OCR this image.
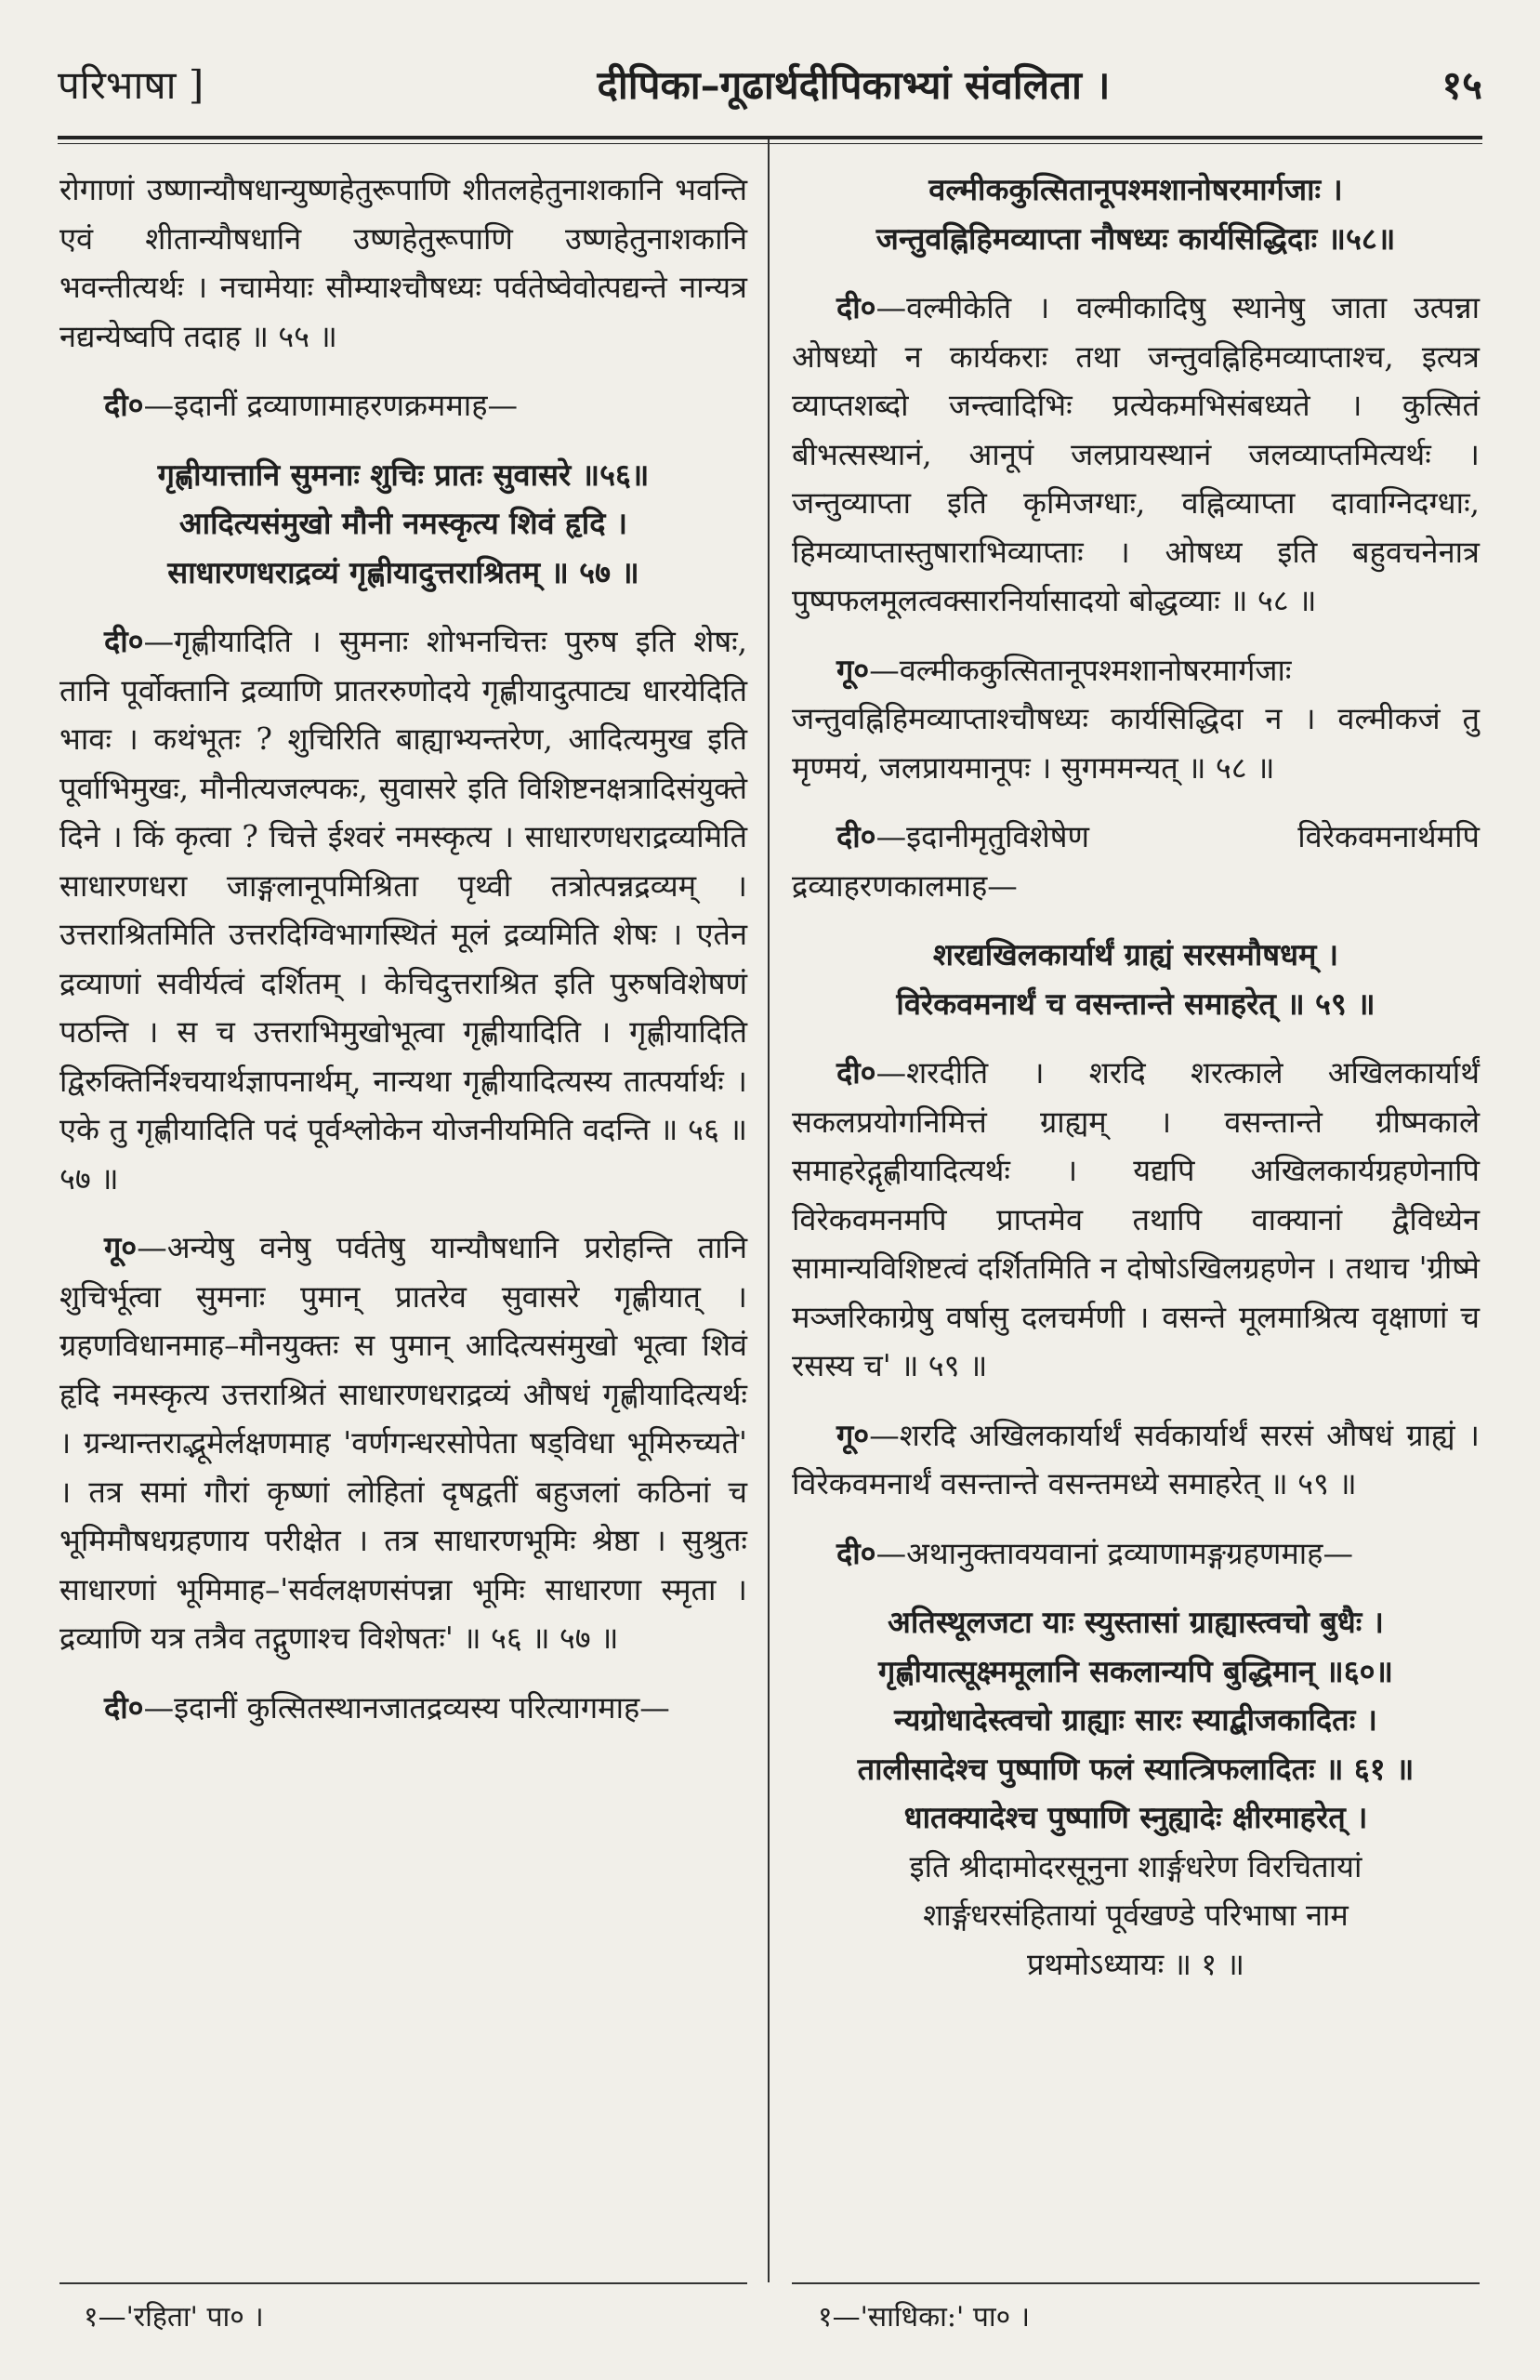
परिभाषा ]	दीपिका–गूढार्थदीपिकाभ्यां संवलिता ।	१५
रोगाणां उष्णान्यौषधान्युष्णहेतुरूपाणि शीतलहेतुनाशकानि भवन्ति एवं शीतान्यौषधानि उष्णहेतुरूपाणि उष्णहेतुनाशकानि भवन्तीत्यर्थः । नचामेयाः सौम्याश्चौषध्यः पर्वतेष्वेवोत्पद्यन्ते नान्यत्र नद्यन्येष्वपि तदाह ॥ ५५ ॥
दी०—इदानीं द्रव्याणामाहरणक्रममाह—
गृह्णीयात्तानि सुमनाः शुचिः प्रातः सुवासरे ॥५६॥
आदित्यसंमुखो मौनी नमस्कृत्य शिवं हृदि ।
साधारणधराद्रव्यं गृह्णीयादुत्तराश्रितम् ॥ ५७ ॥
दी०—गृह्णीयादिति । सुमनाः शोभनचित्तः पुरुष इति शेषः, तानि पूर्वोक्तानि द्रव्याणि प्रातररुणोदये गृह्णीयादुत्पाट्य धारयेदिति भावः । कथंभूतः ? शुचिरिति बाह्याभ्यन्तरेण, आदित्यमुख इति पूर्वाभिमुखः, मौनीत्यजल्पकः, सुवासरे इति विशिष्टनक्षत्रादिसंयुक्ते दिने । किं कृत्वा ? चित्ते ईश्वरं नमस्कृत्य । साधारणधराद्रव्यमिति साधारणधरा जाङ्गलानूपमिश्रिता पृथ्वी तत्रोत्पन्नद्रव्यम् । उत्तराश्रितमिति उत्तरदिग्विभागस्थितं मूलं द्रव्यमिति शेषः । एतेन द्रव्याणां सवीर्यत्वं दर्शितम् । केचिदुत्तराश्रित इति पुरुषविशेषणं पठन्ति । स च उत्तराभिमुखोभूत्वा गृह्णीयादिति । गृह्णीयादिति द्विरुक्तिर्निश्चयार्थज्ञापनार्थम्, नान्यथा गृह्णीयादित्यस्य तात्पर्यार्थः । एके तु गृह्णीयादिति पदं पूर्वश्लोकेन योजनीयमिति वदन्ति ॥ ५६ ॥ ५७ ॥
गू०—अन्येषु वनेषु पर्वतेषु यान्यौषधानि प्ररोहन्ति तानि शुचिर्भूत्वा सुमनाः पुमान् प्रातरेव सुवासरे गृह्णीयात् । ग्रहणविधानमाह–मौनयुक्तः स पुमान् आदित्यसंमुखो भूत्वा शिवं हृदि नमस्कृत्य उत्तराश्रितं साधारणधराद्रव्यं औषधं गृह्णीयादित्यर्थः । ग्रन्थान्तराद्भूमेर्लक्षणमाह 'वर्णगन्धरसोपेता षड्विधा भूमिरुच्यते' । तत्र समां गौरां कृष्णां लोहितां दृषद्वतीं बहुजलां कठिनां च भूमिमौषधग्रहणाय परीक्षेत । तत्र साधारणभूमिः श्रेष्ठा । सुश्रुतः साधारणां भूमिमाह–'सर्वलक्षणसंपन्ना भूमिः साधारणा स्मृता । द्रव्याणि यत्र तत्रैव तद्गुणाश्च विशेषतः' ॥ ५६ ॥ ५७ ॥
दी०—इदानीं कुत्सितस्थानजातद्रव्यस्य परित्यागमाह—
वल्मीककुत्सितानूपश्मशानोषरमार्गजाः ।
जन्तुवह्निहिमव्याप्ता नौषध्यः कार्यसिद्धिदाः ॥५८॥
दी०—वल्मीकेति । वल्मीकादिषु स्थानेषु जाता उत्पन्ना ओषध्यो न कार्यकराः तथा जन्तुवह्निहिमव्याप्ताश्च, इत्यत्र व्याप्तशब्दो जन्त्वादिभिः प्रत्येकमभिसंबध्यते । कुत्सितं बीभत्सस्थानं, आनूपं जलप्रायस्थानं जलव्याप्तमित्यर्थः । जन्तुव्याप्ता इति कृमिजग्धाः, वह्निव्याप्ता दावाग्निदग्धाः, हिमव्याप्तास्तुषाराभिव्याप्ताः । ओषध्य इति बहुवचनेनात्र पुष्पफलमूलत्वक्सारनिर्यासादयो बोद्धव्याः ॥ ५८ ॥
गू०—वल्मीककुत्सितानूपश्मशानोषरमार्गजाः जन्तुवह्निहिमव्याप्ताश्चौषध्यः कार्यसिद्धिदा न । वल्मीकजं तु मृण्मयं, जलप्रायमानूपः । सुगममन्यत् ॥ ५८ ॥
दी०—इदानीमृतुविशेषेण विरेकवमनार्थमपि द्रव्याहरणकालमाह—
शरद्यखिलकार्यार्थं ग्राह्यं सरसमौषधम् ।
विरेकवमनार्थं च वसन्तान्ते समाहरेत् ॥ ५९ ॥
दी०—शरदीति । शरदि शरत्काले अखिलकार्यार्थं सकलप्रयोगनिमित्तं ग्राह्यम् । वसन्तान्ते ग्रीष्मकाले समाहरेद्गृह्णीयादित्यर्थः । यद्यपि अखिलकार्यग्रहणेनापि विरेकवमनमपि प्राप्तमेव तथापि वाक्यानां द्वैविध्येन सामान्यविशिष्टत्वं दर्शितमिति न दोषोऽखिलग्रहणेन । तथाच 'ग्रीष्मे मञ्जरिकाग्रेषु वर्षासु दलचर्मणी । वसन्ते मूलमाश्रित्य वृक्षाणां च रसस्य च' ॥ ५९ ॥
गू०—शरदि अखिलकार्यार्थं सर्वकार्यार्थं सरसं औषधं ग्राह्यं । विरेकवमनार्थं वसन्तान्ते वसन्तमध्ये समाहरेत् ॥ ५९ ॥
दी०—अथानुक्तावयवानां द्रव्याणामङ्गग्रहणमाह—
अतिस्थूलजटा याः स्युस्तासां ग्राह्यास्त्वचो बुधैः ।
गृह्णीयात्सूक्ष्ममूलानि सकलान्यपि बुद्धिमान् ॥६०॥
न्यग्रोधादेस्त्वचो ग्राह्याः सारः स्याद्बीजकादितः ।
तालीसादेश्च पुष्पाणि फलं स्यात्त्रिफलादितः ॥ ६१ ॥
धातक्यादेश्च पुष्पाणि स्नुह्यादेः क्षीरमाहरेत् ।
इति श्रीदामोदरसूनुना शार्ङ्गधरेण विरचितायां
शार्ङ्गधरसंहितायां पूर्वखण्डे परिभाषा नाम
प्रथमोऽध्यायः ॥ १ ॥
१—'रहिता' पा० ।	१—'साधिका:' पा० ।
